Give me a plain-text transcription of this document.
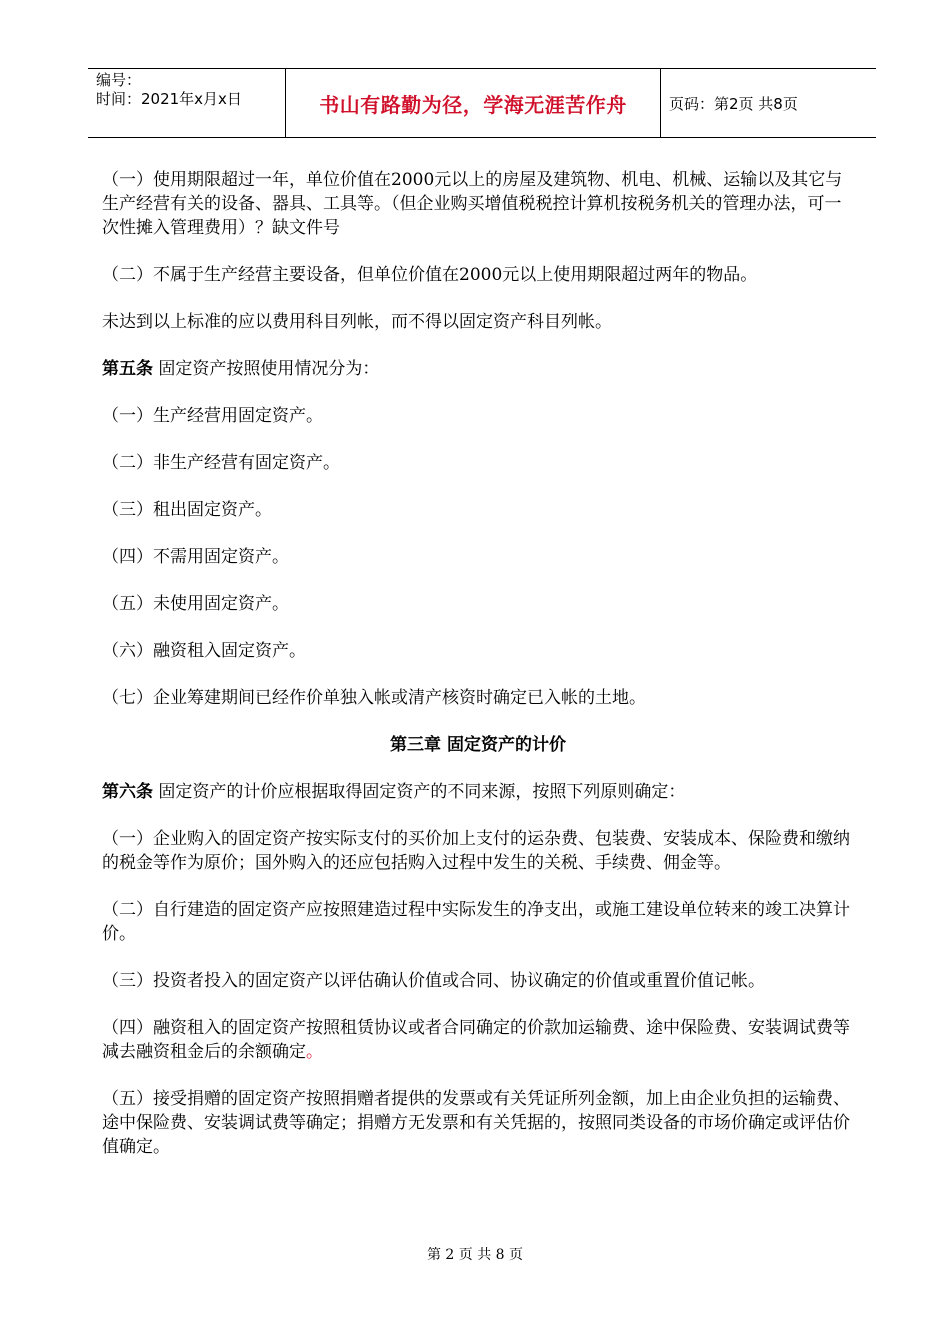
编号：
时间：2021年x月x日	书山有路勤为径，学海无涯苦作舟	页码：第2页 共8页

（一）使用期限超过一年，单位价值在2000元以上的房屋及建筑物、机电、机械、运输以及其它与生产经营有关的设备、器具、工具等。（但企业购买增值税税控计算机按税务机关的管理办法，可一次性摊入管理费用）？缺文件号

（二）不属于生产经营主要设备，但单位价值在2000元以上使用期限超过两年的物品。

未达到以上标准的应以费用科目列帐，而不得以固定资产科目列帐。

第五条 固定资产按照使用情况分为：

（一）生产经营用固定资产。

（二）非生产经营有固定资产。

（三）租出固定资产。

（四）不需用固定资产。

（五）未使用固定资产。

（六）融资租入固定资产。

（七）企业筹建期间已经作价单独入帐或清产核资时确定已入帐的土地。

第三章 固定资产的计价

第六条 固定资产的计价应根据取得固定资产的不同来源，按照下列原则确定：

（一）企业购入的固定资产按实际支付的买价加上支付的运杂费、包装费、安装成本、保险费和缴纳的税金等作为原价；国外购入的还应包括购入过程中发生的关税、手续费、佣金等。

（二）自行建造的固定资产应按照建造过程中实际发生的净支出，或施工建设单位转来的竣工决算计价。

（三）投资者投入的固定资产以评估确认价值或合同、协议确定的价值或重置价值记帐。

（四）融资租入的固定资产按照租赁协议或者合同确定的价款加运输费、途中保险费、安装调试费等减去融资租金后的余额确定。

（五）接受捐赠的固定资产按照捐赠者提供的发票或有关凭证所列金额，加上由企业负担的运输费、途中保险费、安装调试费等确定；捐赠方无发票和有关凭据的，按照同类设备的市场价确定或评估价值确定。

第 2 页 共 8 页
